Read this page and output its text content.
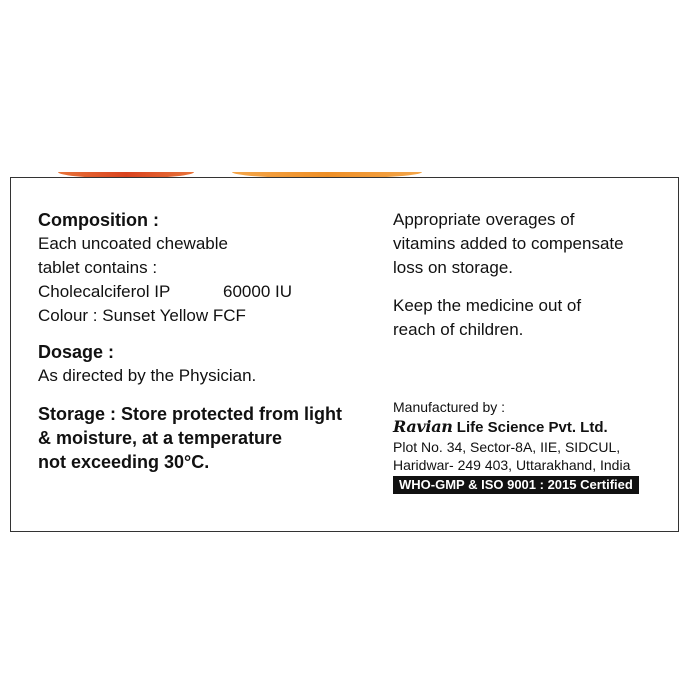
Composition :
Each uncoated chewable
tablet contains :
Cholecalciferol IP	60000 IU
Colour : Sunset Yellow FCF
Dosage :
As directed by the Physician.
Storage : Store protected from light
& moisture, at a temperature
not exceeding 30°C.
Appropriate overages of
vitamins added to compensate
loss on storage.
Keep the medicine out of
reach of children.
Manufactured by :
Ravian Life Science Pvt. Ltd.
Plot No. 34, Sector-8A, IIE, SIDCUL,
Haridwar- 249 403, Uttarakhand, India
WHO-GMP & ISO 9001 : 2015 Certified
